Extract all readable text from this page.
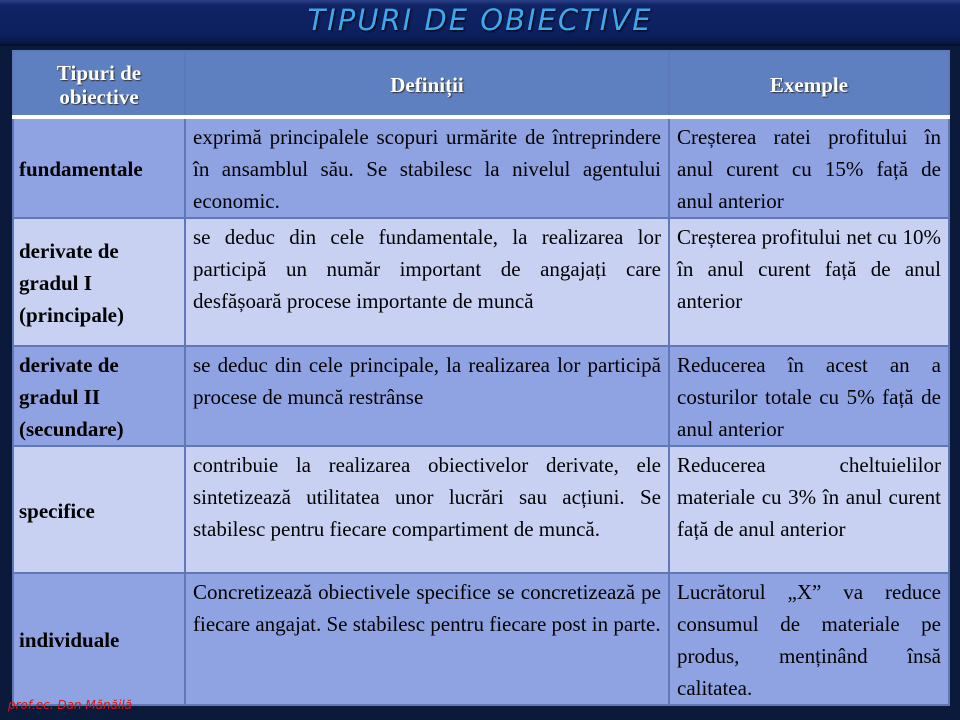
TIPURI DE OBIECTIVE
Tipuri de obiective	Definiții	Exemple
fundamentale	exprimă principalele scopuri urmărite de întreprindere în ansamblul său. Se stabilesc la nivelul agentului economic.	Creșterea ratei profitului în anul curent cu 15% față de anul anterior
derivate de gradul I (principale)	se deduc din cele fundamentale, la realizarea lor participă un număr important de angajați care desfășoară procese importante de muncă	Creșterea profitului net cu 10% în anul curent față de anul anterior
derivate de gradul II (secundare)	se deduc din cele principale, la realizarea lor participă procese de muncă restrânse	Reducerea în acest an a costurilor totale cu 5% față de anul anterior
specifice	contribuie la realizarea obiectivelor derivate, ele sintetizează utilitatea unor lucrări sau acțiuni. Se stabilesc pentru fiecare compartiment de muncă.	Reducerea cheltuielilor materiale cu 3% în anul curent față de anul anterior
individuale	Concretizează obiectivele specifice se concretizează pe fiecare angajat. Se stabilesc pentru fiecare post in parte.	Lucrătorul „X” va reduce consumul de materiale pe produs, menținând însă calitatea.
prof.ec. Dan Mănăilă
